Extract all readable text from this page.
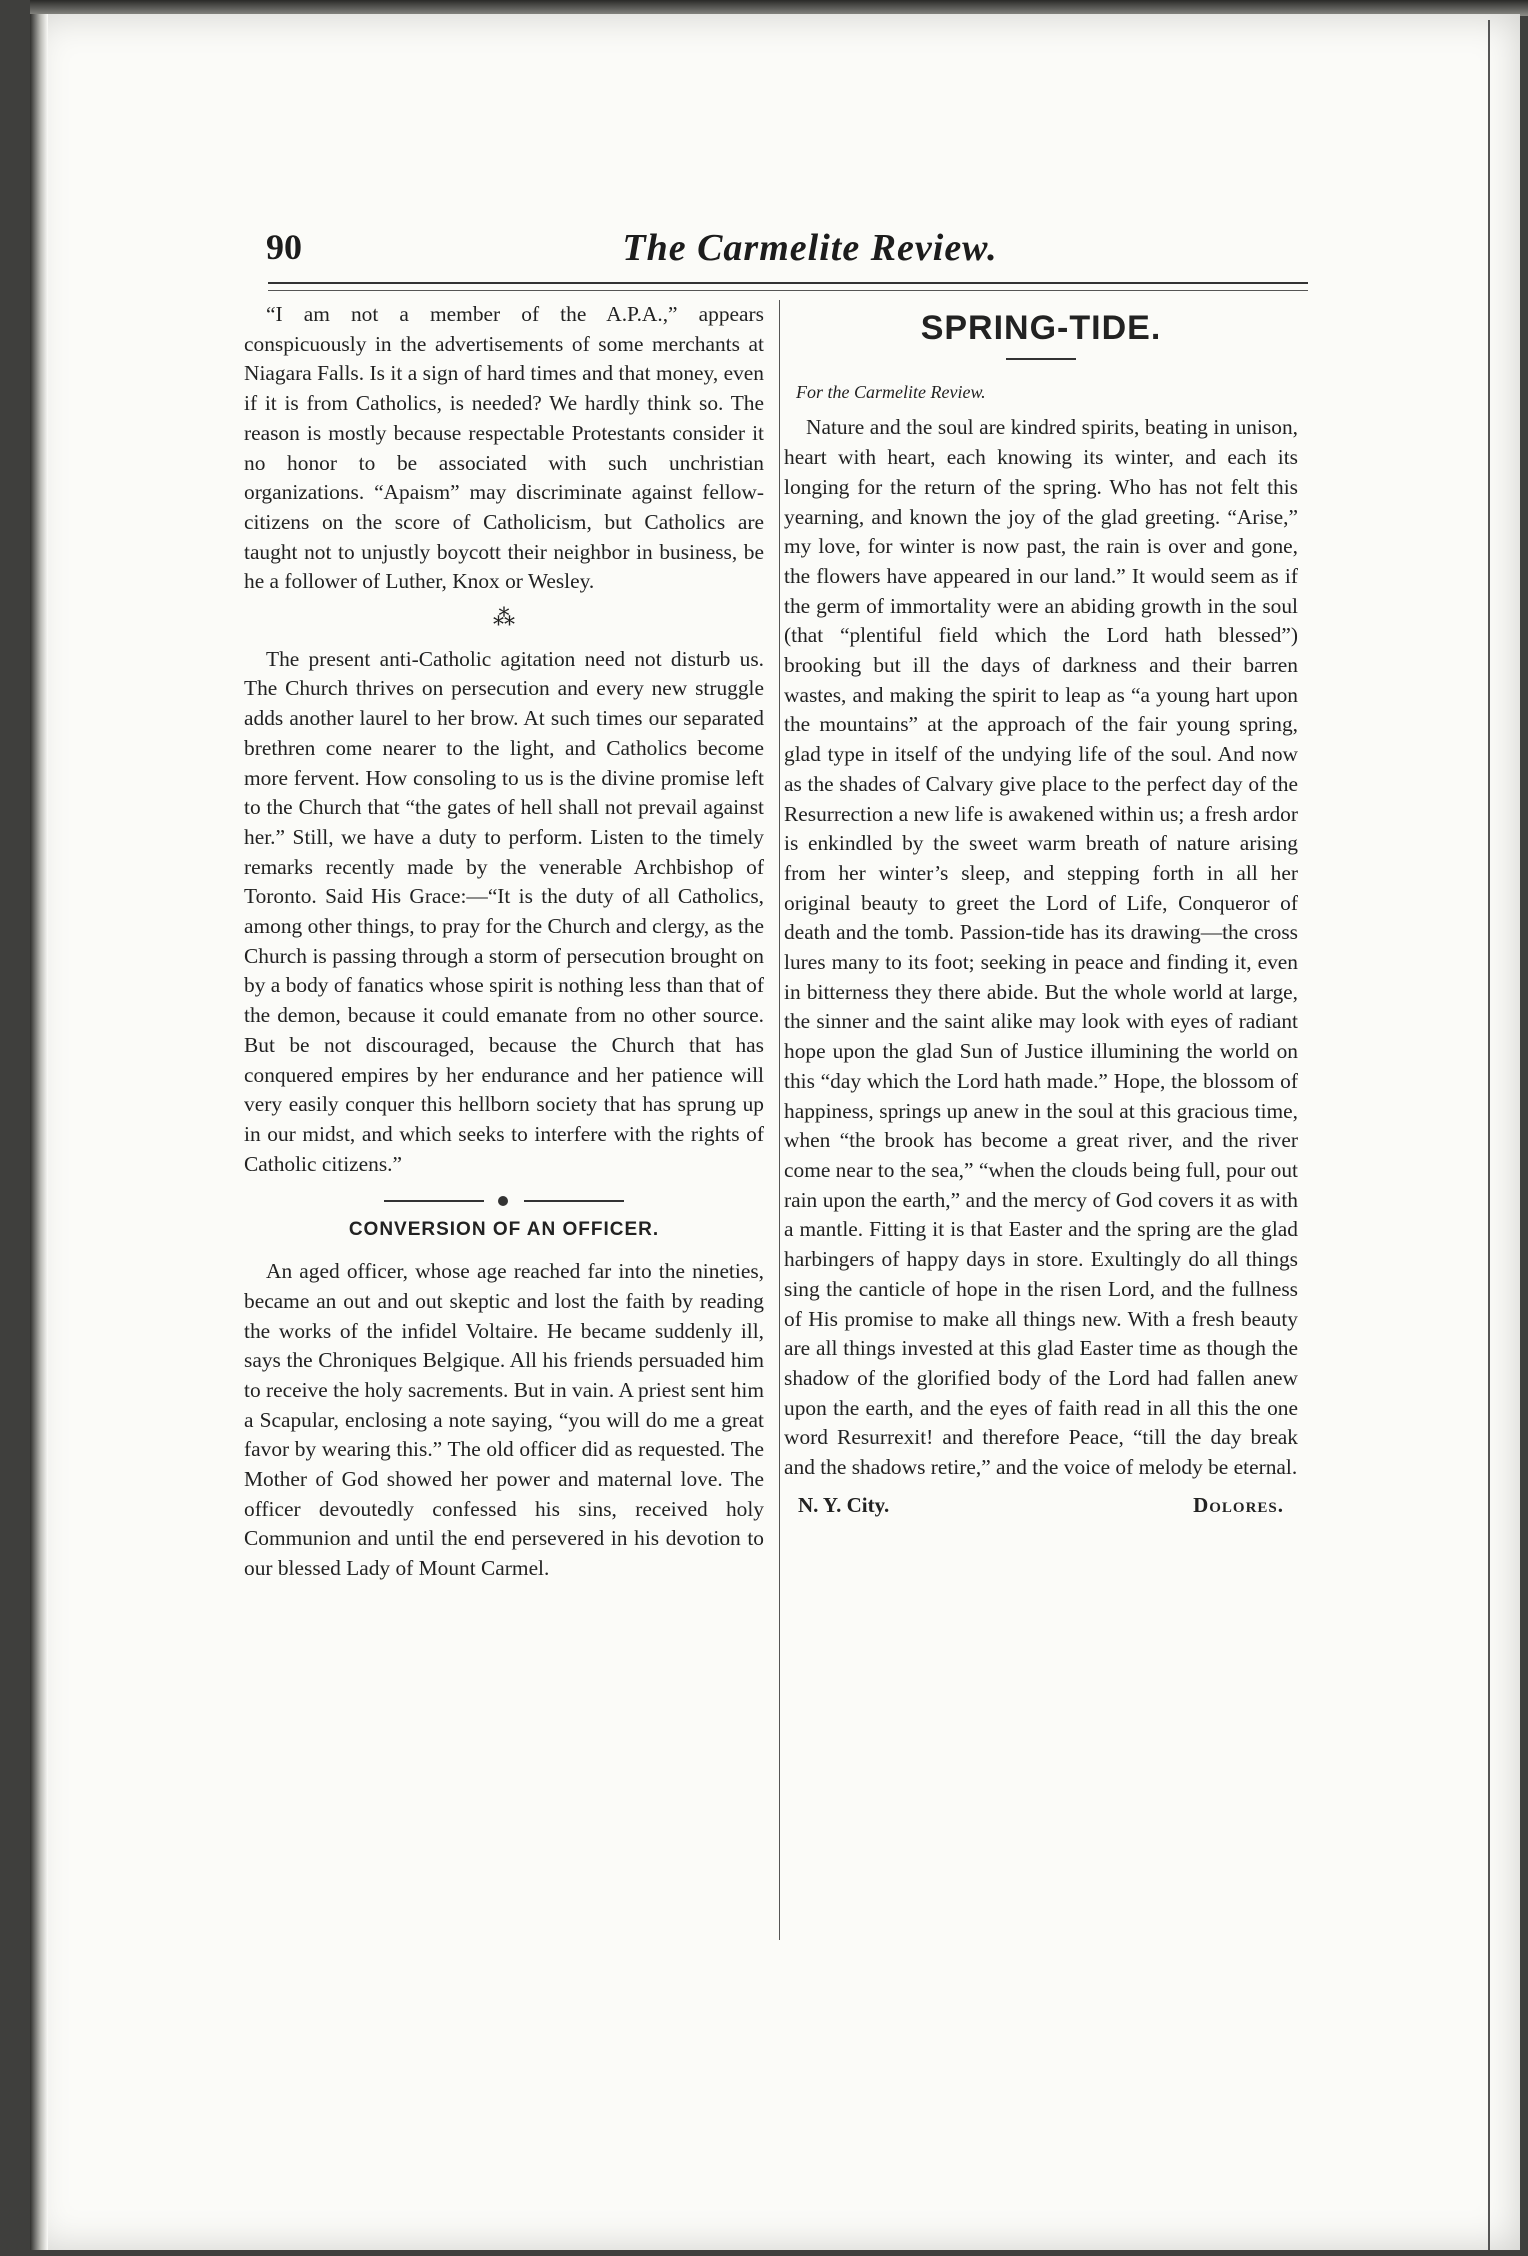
90	The Carmelite Review.

“I am not a member of the A.P.A.,” appears conspicuously in the advertisements of some merchants at Niagara Falls. Is it a sign of hard times and that money, even if it is from Catholics, is needed? We hardly think so. The reason is mostly because respectable Protestants consider it no honor to be associated with such unchristian organizations. “Apaism” may discriminate against fellow-citizens on the score of Catholicism, but Catholics are taught not to unjustly boycott their neighbor in business, be he a follower of Luther, Knox or Wesley.

⁂

The present anti-Catholic agitation need not disturb us. The Church thrives on persecution and every new struggle adds another laurel to her brow. At such times our separated brethren come nearer to the light, and Catholics become more fervent. How consoling to us is the divine promise left to the Church that “the gates of hell shall not prevail against her.” Still, we have a duty to perform. Listen to the timely remarks recently made by the venerable Archbishop of Toronto. Said His Grace:—“It is the duty of all Catholics, among other things, to pray for the Church and clergy, as the Church is passing through a storm of persecution brought on by a body of fanatics whose spirit is nothing less than that of the demon, because it could emanate from no other source. But be not discouraged, because the Church that has conquered empires by her endurance and her patience will very easily conquer this hellborn society that has sprung up in our midst, and which seeks to interfere with the rights of Catholic citizens.”

CONVERSION OF AN OFFICER.

An aged officer, whose age reached far into the nineties, became an out and out skeptic and lost the faith by reading the works of the infidel Voltaire. He became suddenly ill, says the Chroniques Belgique. All his friends persuaded him to receive the holy sacrements. But in vain. A priest sent him a Scapular, enclosing a note saying, “you will do me a great favor by wearing this.” The old officer did as requested. The Mother of God showed her power and maternal love. The officer devoutedly confessed his sins, received holy Communion and until the end persevered in his devotion to our blessed Lady of Mount Carmel.

SPRING-TIDE.
For the Carmelite Review.

Nature and the soul are kindred spirits, beating in unison, heart with heart, each knowing its winter, and each its longing for the return of the spring. Who has not felt this yearning, and known the joy of the glad greeting. “Arise,” my love, for winter is now past, the rain is over and gone, the flowers have appeared in our land.” It would seem as if the germ of immortality were an abiding growth in the soul (that “plentiful field which the Lord hath blessed”) brooking but ill the days of darkness and their barren wastes, and making the spirit to leap as “a young hart upon the mountains” at the approach of the fair young spring, glad type in itself of the undying life of the soul. And now as the shades of Calvary give place to the perfect day of the Resurrection a new life is awakened within us; a fresh ardor is enkindled by the sweet warm breath of nature arising from her winter’s sleep, and stepping forth in all her original beauty to greet the Lord of Life, Conqueror of death and the tomb. Passion-tide has its drawing—the cross lures many to its foot; seeking in peace and finding it, even in bitterness they there abide. But the whole world at large, the sinner and the saint alike may look with eyes of radiant hope upon the glad Sun of Justice illumining the world on this “day which the Lord hath made.” Hope, the blossom of happiness, springs up anew in the soul at this gracious time, when “the brook has become a great river, and the river come near to the sea,” “when the clouds being full, pour out rain upon the earth,” and the mercy of God covers it as with a mantle. Fitting it is that Easter and the spring are the glad harbingers of happy days in store. Exultingly do all things sing the canticle of hope in the risen Lord, and the fullness of His promise to make all things new. With a fresh beauty are all things invested at this glad Easter time as though the shadow of the glorified body of the Lord had fallen anew upon the earth, and the eyes of faith read in all this the one word Resurrexit! and therefore Peace, “till the day break and the shadows retire,” and the voice of melody be eternal.

N. Y. City.	Dolores.
